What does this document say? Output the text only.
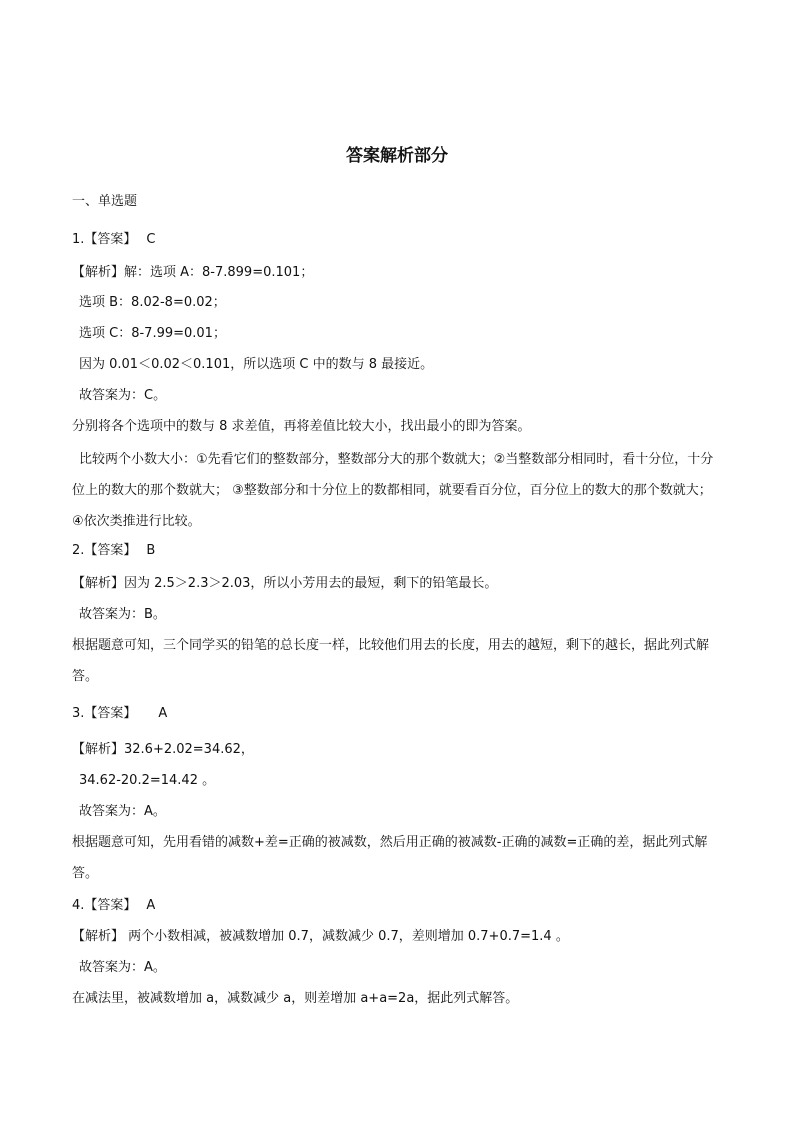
答案解析部分
一、单选题
1.【答案】 C
【解析】解：选项 A：8-7.899=0.101；
选项 B：8.02-8=0.02；
选项 C：8-7.99=0.01；
因为 0.01＜0.02＜0.101，所以选项 C 中的数与 8 最接近。
故答案为：C。
分别将各个选项中的数与 8 求差值，再将差值比较大小，找出最小的即为答案。
比较两个小数大小：①先看它们的整数部分，整数部分大的那个数就大；②当整数部分相同时，看十分位，十分位上的数大的那个数就大； ③整数部分和十分位上的数都相同，就要看百分位，百分位上的数大的那个数就大； ④依次类推进行比较。
2.【答案】 B
【解析】因为 2.5＞2.3＞2.03，所以小芳用去的最短，剩下的铅笔最长。
故答案为：B。
根据题意可知，三个同学买的铅笔的总长度一样，比较他们用去的长度，用去的越短，剩下的越长，据此列式解答。
3.【答案】 A
【解析】32.6+2.02=34.62，
34.62-20.2=14.42 。
故答案为：A。
根据题意可知，先用看错的减数+差=正确的被减数，然后用正确的被减数-正确的减数=正确的差，据此列式解答。
4.【答案】 A
【解析】 两个小数相减，被减数增加 0.7，减数减少 0.7，差则增加 0.7+0.7=1.4 。
故答案为：A。
在减法里，被减数增加 a，减数减少 a，则差增加 a+a=2a，据此列式解答。
